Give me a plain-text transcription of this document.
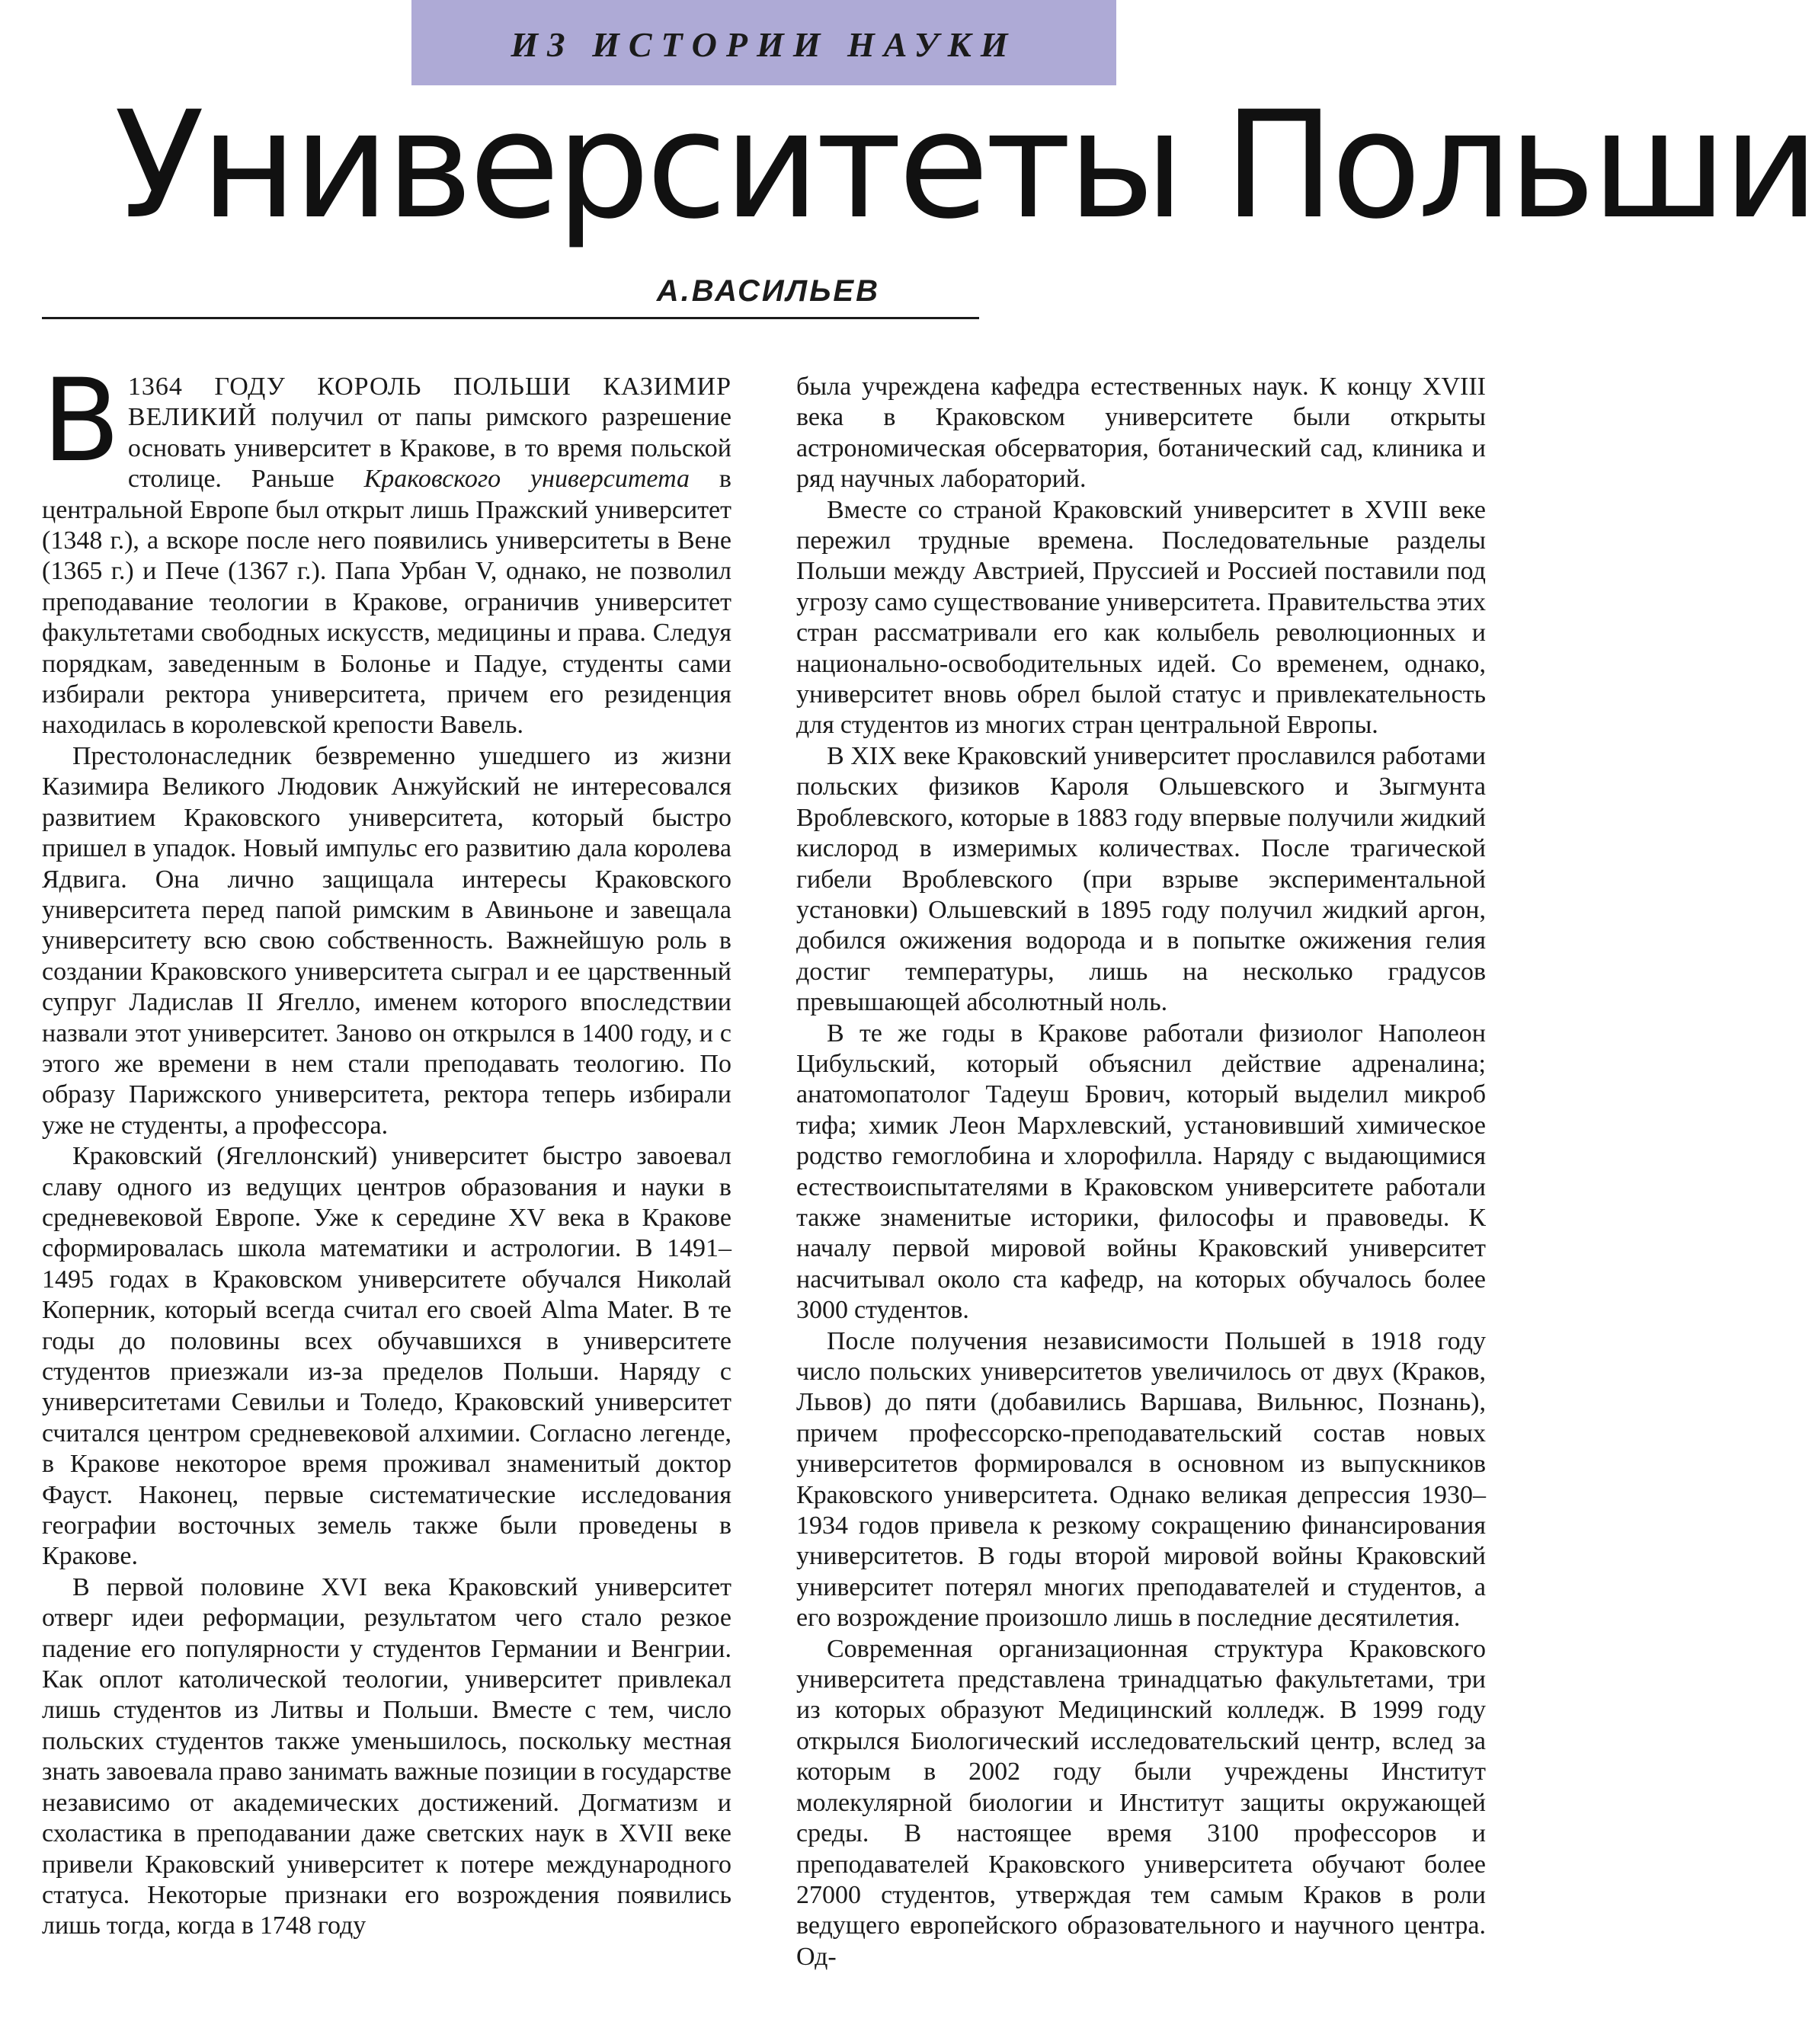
ИЗ ИСТОРИИ НАУКИ
Университеты Польши
А.ВАСИЛЬЕВ

В 1364 ГОДУ КОРОЛЬ ПОЛЬШИ КАЗИМИР ВЕЛИКИЙ получил от папы римского разрешение основать университет в Кракове, в то время польской столице. Раньше Краковского университета в центральной Европе был открыт лишь Пражский университет (1348 г.), а вскоре после него появились университеты в Вене (1365 г.) и Пече (1367 г.). Папа Урбан V, однако, не позволил преподавание теологии в Кракове, ограничив университет факультетами свободных искусств, медицины и права. Следуя порядкам, заведенным в Болонье и Падуе, студенты сами избирали ректора университета, причем его резиденция находилась в королевской крепости Вавель.

Престолонаследник безвременно ушедшего из жизни Казимира Великого Людовик Анжуйский не интересовался развитием Краковского университета, который быстро пришел в упадок. Новый импульс его развитию дала королева Ядвига. Она лично защищала интересы Краковского университета перед папой римским в Авиньоне и завещала университету всю свою собственность. Важнейшую роль в создании Краковского университета сыграл и ее царственный супруг Ладислав II Ягелло, именем которого впоследствии назвали этот университет. Заново он открылся в 1400 году, и с этого же времени в нем стали преподавать теологию. По образу Парижского университета, ректора теперь избирали уже не студенты, а профессора.

Краковский (Ягеллонский) университет быстро завоевал славу одного из ведущих центров образования и науки в средневековой Европе. Уже к середине XV века в Кракове сформировалась школа математики и астрологии. В 1491–1495 годах в Краковском университете обучался Николай Коперник, который всегда считал его своей Alma Mater. В те годы до половины всех обучавшихся в университете студентов приезжали из-за пределов Польши. Наряду с университетами Севильи и Толедо, Краковский университет считался центром средневековой алхимии. Согласно легенде, в Кракове некоторое время проживал знаменитый доктор Фауст. Наконец, первые систематические исследования географии восточных земель также были проведены в Кракове.

В первой половине XVI века Краковский университет отверг идеи реформации, результатом чего стало резкое падение его популярности у студентов Германии и Венгрии. Как оплот католической теологии, университет привлекал лишь студентов из Литвы и Польши. Вместе с тем, число польских студентов также уменьшилось, поскольку местная знать завоевала право занимать важные позиции в государстве независимо от академических достижений. Догматизм и схоластика в преподавании даже светских наук в XVII веке привели Краковский университет к потере международного статуса. Некоторые признаки его возрождения появились лишь тогда, когда в 1748 году

была учреждена кафедра естественных наук. К концу XVIII века в Краковском университете были открыты астрономическая обсерватория, ботанический сад, клиника и ряд научных лабораторий.

Вместе со страной Краковский университет в XVIII веке пережил трудные времена. Последовательные разделы Польши между Австрией, Пруссией и Россией поставили под угрозу само существование университета. Правительства этих стран рассматривали его как колыбель революционных и национально-освободительных идей. Со временем, однако, университет вновь обрел былой статус и привлекательность для студентов из многих стран центральной Европы.

В XIX веке Краковский университет прославился работами польских физиков Кароля Ольшевского и Зыгмунта Вроблевского, которые в 1883 году впервые получили жидкий кислород в измеримых количествах. После трагической гибели Вроблевского (при взрыве экспериментальной установки) Ольшевский в 1895 году получил жидкий аргон, добился ожижения водорода и в попытке ожижения гелия достиг температуры, лишь на несколько градусов превышающей абсолютный ноль.

В те же годы в Кракове работали физиолог Наполеон Цибульский, который объяснил действие адреналина; анатомопатолог Тадеуш Брович, который выделил микроб тифа; химик Леон Мархлевский, установивший химическое родство гемоглобина и хлорофилла. Наряду с выдающимися естествоиспытателями в Краковском университете работали также знаменитые историки, философы и правоведы. К началу первой мировой войны Краковский университет насчитывал около ста кафедр, на которых обучалось более 3000 студентов.

После получения независимости Польшей в 1918 году число польских университетов увеличилось от двух (Краков, Львов) до пяти (добавились Варшава, Вильнюс, Познань), причем профессорско-преподавательский состав новых университетов формировался в основном из выпускников Краковского университета. Однако великая депрессия 1930–1934 годов привела к резкому сокращению финансирования университетов. В годы второй мировой войны Краковский университет потерял многих преподавателей и студентов, а его возрождение произошло лишь в последние десятилетия.

Современная организационная структура Краковского университета представлена тринадцатью факультетами, три из которых образуют Медицинский колледж. В 1999 году открылся Биологический исследовательский центр, вслед за которым в 2002 году были учреждены Институт молекулярной биологии и Институт защиты окружающей среды. В настоящее время 3100 профессоров и преподавателей Краковского университета обучают более 27000 студентов, утверждая тем самым Краков в роли ведущего европейского образовательного и научного центра. Од-
